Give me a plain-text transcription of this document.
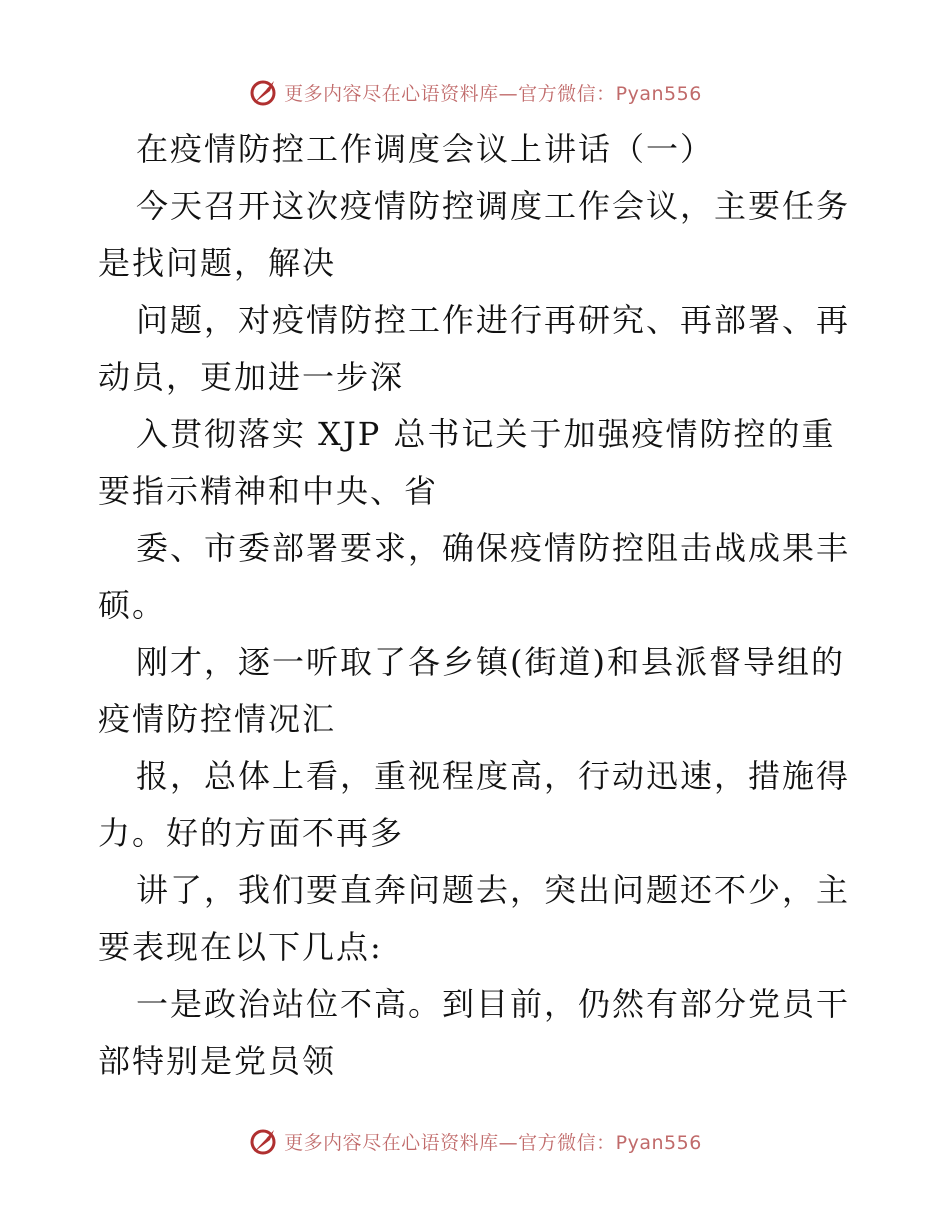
更多内容尽在心语资料库—官方微信：Pyan556
在疫情防控工作调度会议上讲话（一）
今天召开这次疫情防控调度工作会议，主要任务
是找问题，解决
问题，对疫情防控工作进行再研究、再部署、再
动员，更加进一步深
入贯彻落实 XJP 总书记关于加强疫情防控的重
要指示精神和中央、省
委、市委部署要求，确保疫情防控阻击战成果丰
硕。
刚才，逐一听取了各乡镇(街道)和县派督导组的
疫情防控情况汇
报，总体上看，重视程度高，行动迅速，措施得
力。好的方面不再多
讲了，我们要直奔问题去，突出问题还不少，主
要表现在以下几点:
一是政治站位不高。到目前，仍然有部分党员干
部特别是党员领
更多内容尽在心语资料库—官方微信：Pyan556
